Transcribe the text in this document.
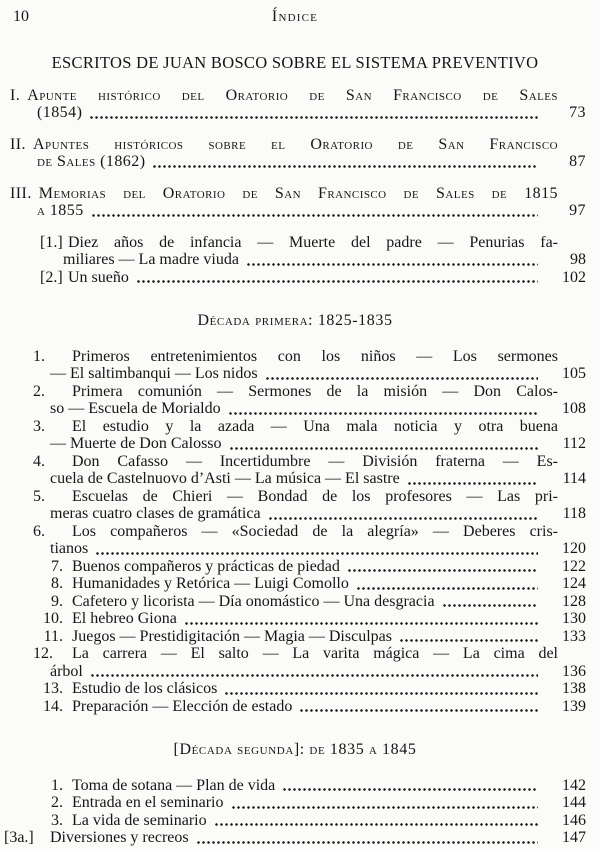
10	Índice
ESCRITOS DE JUAN BOSCO SOBRE EL SISTEMA PREVENTIVO
I. Apunte histórico del Oratorio de San Francisco de Sales
(1854)	73
II. Apuntes históricos sobre el Oratorio de San Francisco
de Sales (1862)	87
III. Memorias del Oratorio de San Francisco de Sales de 1815
a 1855	97
[1.] Diez años de infancia — Muerte del padre — Penurias fa-
miliares — La madre viuda	98
[2.] Un sueño	102
Década primera: 1825-1835
1. Primeros entretenimientos con los niños — Los sermones
— El saltimbanqui — Los nidos	105
2. Primera comunión — Sermones de la misión — Don Calos-
so — Escuela de Morialdo	108
3. El estudio y la azada — Una mala noticia y otra buena
— Muerte de Don Calosso	112
4. Don Cafasso — Incertidumbre — División fraterna — Es-
cuela de Castelnuovo d’Asti — La música — El sastre	114
5. Escuelas de Chieri — Bondad de los profesores — Las pri-
meras cuatro clases de gramática	118
6. Los compañeros — «Sociedad de la alegría» — Deberes cris-
tianos	120
7. Buenos compañeros y prácticas de piedad	122
8. Humanidades y Retórica — Luigi Comollo	124
9. Cafetero y licorista — Día onomástico — Una desgracia	128
10. El hebreo Giona	130
11. Juegos — Prestidigitación — Magia — Disculpas	133
12. La carrera — El salto — La varita mágica — La cima del
árbol	136
13. Estudio de los clásicos	138
14. Preparación — Elección de estado	139
[Década segunda]: de 1835 a 1845
1. Toma de sotana — Plan de vida	142
2. Entrada en el seminario	144
3. La vida de seminario	146
[3a.]	Diversiones y recreos	147
